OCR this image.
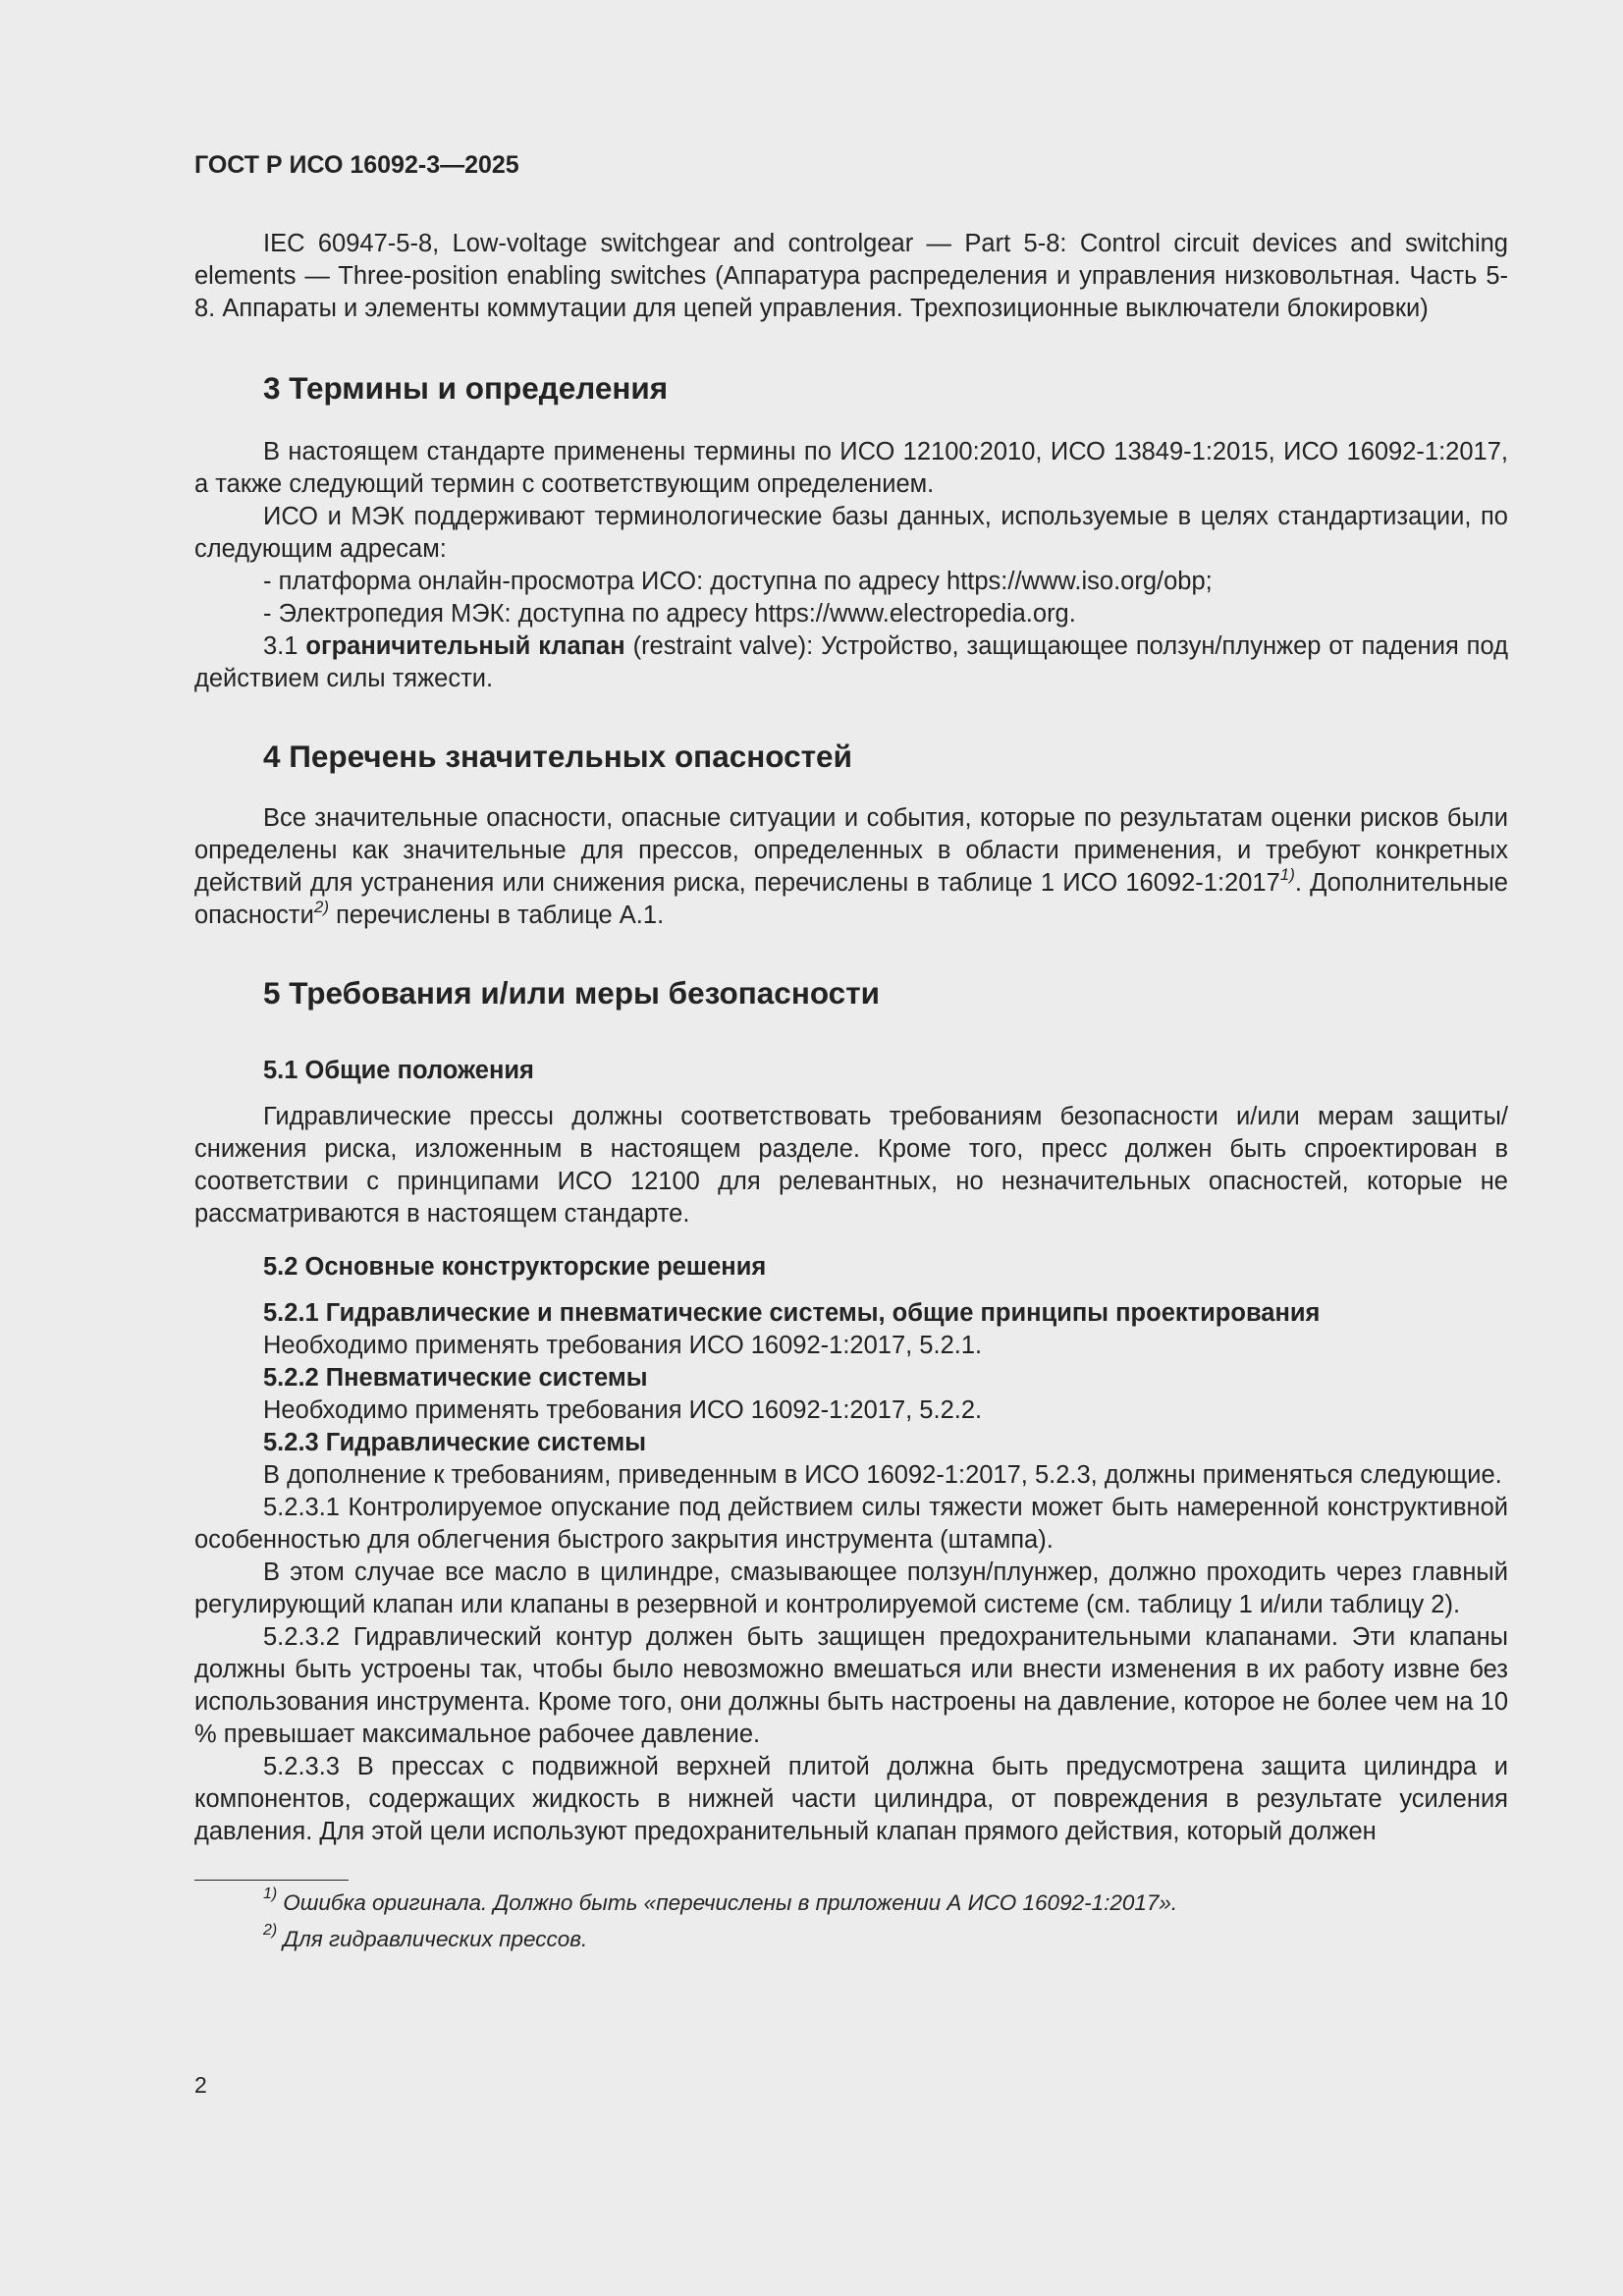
ГОСТ Р ИСО 16092-3—2025

IEC 60947-5-8, Low-voltage switchgear and controlgear — Part 5-8: Control circuit devices and switching elements — Three-position enabling switches (Аппаратура распределения и управления низковольтная. Часть 5-8. Аппараты и элементы коммутации для цепей управления. Трехпозиционные выключатели блокировки)

3 Термины и определения

В настоящем стандарте применены термины по ИСО 12100:2010, ИСО 13849-1:2015, ИСО 16092-1:2017, а также следующий термин с соответствующим определением.

ИСО и МЭК поддерживают терминологические базы данных, используемые в целях стандартизации, по следующим адресам:

- платформа онлайн-просмотра ИСО: доступна по адресу https://www.iso.org/obp;

- Электропедия МЭК: доступна по адресу https://www.electropedia.org.

3.1 ограничительный клапан (restraint valve): Устройство, защищающее ползун/плунжер от падения под действием силы тяжести.

4 Перечень значительных опасностей

Все значительные опасности, опасные ситуации и события, которые по результатам оценки рисков были определены как значительные для прессов, определенных в области применения, и требуют конкретных действий для устранения или снижения риска, перечислены в таблице 1 ИСО 16092-1:2017$^{1)}$. Дополнительные опасности$^{2)}$ перечислены в таблице А.1.

5 Требования и/или меры безопасности
5.1 Общие положения

Гидравлические прессы должны соответствовать требованиям безопасности и/или мерам защиты/снижения риска, изложенным в настоящем разделе. Кроме того, пресс должен быть спроектирован в соответствии с принципами ИСО 12100 для релевантных, но незначительных опасностей, которые не рассматриваются в настоящем стандарте.

5.2 Основные конструкторские решения

5.2.1 Гидравлические и пневматические системы, общие принципы проектирования

Необходимо применять требования ИСО 16092-1:2017, 5.2.1.

5.2.2 Пневматические системы

Необходимо применять требования ИСО 16092-1:2017, 5.2.2.

5.2.3 Гидравлические системы

В дополнение к требованиям, приведенным в ИСО 16092-1:2017, 5.2.3, должны применяться следующие.

5.2.3.1 Контролируемое опускание под действием силы тяжести может быть намеренной конструктивной особенностью для облегчения быстрого закрытия инструмента (штампа).

В этом случае все масло в цилиндре, смазывающее ползун/плунжер, должно проходить через главный регулирующий клапан или клапаны в резервной и контролируемой системе (см. таблицу 1 и/или таблицу 2).

5.2.3.2 Гидравлический контур должен быть защищен предохранительными клапанами. Эти клапаны должны быть устроены так, чтобы было невозможно вмешаться или внести изменения в их работу извне без использования инструмента. Кроме того, они должны быть настроены на давление, которое не более чем на 10 % превышает максимальное рабочее давление.

5.2.3.3 В прессах с подвижной верхней плитой должна быть предусмотрена защита цилиндра и компонентов, содержащих жидкость в нижней части цилиндра, от повреждения в результате усиления давления. Для этой цели используют предохранительный клапан прямого действия, который должен

$^{1)}$ Ошибка оригинала. Должно быть «перечислены в приложении А ИСО 16092-1:2017».
$^{2)}$ Для гидравлических прессов.
2
